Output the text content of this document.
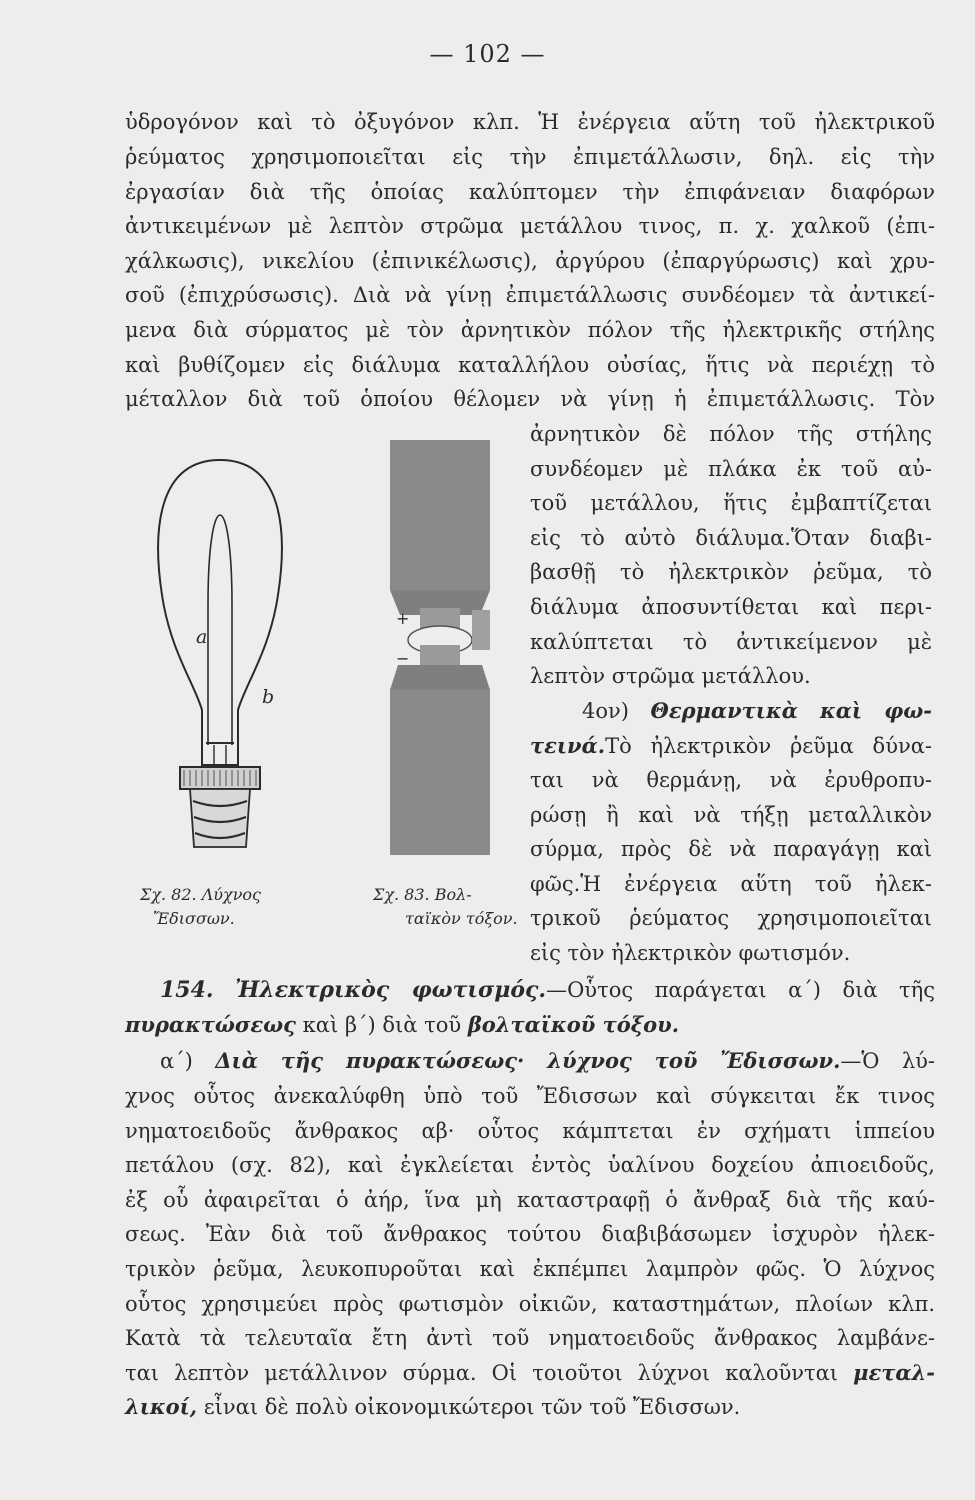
— 102 —
ὑδρογόνον καὶ τὸ ὀξυγόνον κλπ. Ἡ ἐνέργεια αὕτη τοῦ ἠλεκτρικοῦ
ῥεύματος χρησιμοποιεῖται εἰς τὴν ἐπιμετάλλωσιν, δηλ. εἰς τὴν
ἐργασίαν διὰ τῆς ὁποίας καλύπτομεν τὴν ἐπιφάνειαν διαφόρων
ἀντικειμένων μὲ λεπτὸν στρῶμα μετάλλου τινος, π. χ. χαλκοῦ (ἐπι-
χάλκωσις), νικελίου (ἐπινικέλωσις), ἀργύρου (ἐπαργύρωσις) καὶ χρυ-
σοῦ (ἐπιχρύσωσις). Διὰ νὰ γίνῃ ἐπιμετάλλωσις συνδέομεν τὰ ἀντικεί-
μενα διὰ σύρματος μὲ τὸν ἀρνητικὸν πόλον τῆς ἠλεκτρικῆς στήλης
καὶ βυθίζομεν εἰς διάλυμα καταλλήλου οὐσίας, ἥτις νὰ περιέχῃ τὸ
μέταλλον διὰ τοῦ ὁποίου θέλομεν νὰ γίνῃ ἡ ἐπιμετάλλωσις. Τὸν
ἀρνητικὸν δὲ πόλον τῆς στήλης
συνδέομεν μὲ πλάκα ἐκ τοῦ αὐ-
τοῦ μετάλλου, ἥτις ἐμβαπτίζεται
εἰς τὸ αὐτὸ διάλυμα.Ὅταν διαβι-
βασθῇ τὸ ἠλεκτρικὸν ῥεῦμα, τὸ
διάλυμα ἀποσυντίθεται καὶ περι-
καλύπτεται τὸ ἀντικείμενον μὲ
λεπτὸν στρῶμα μετάλλου.
4ον) Θερμαντικὰ καὶ φω-
τεινά.Τὸ ἠλεκτρικὸν ῥεῦμα δύνα-
ται νὰ θερμάνῃ, νὰ ἐρυθροπυ-
ρώσῃ ἢ καὶ νὰ τήξῃ μεταλλικὸν
σύρμα, πρὸς δὲ νὰ παραγάγῃ καὶ
φῶς.Ἡ ἐνέργεια αὕτη τοῦ ἠλεκ-
τρικοῦ ῥεύματος χρησιμοποιεῖται
εἰς τὸν ἠλεκτρικὸν φωτισμόν.
a
b
+
−
Σχ. 82. Λύχνος
Ἔδισσων.
Σχ. 83. Βολ-
ταϊκὸν τόξον.
154. Ἠλεκτρικὸς φωτισμός.—Οὗτος παράγεται α΄) διὰ τῆς
πυρακτώσεως καὶ β΄) διὰ τοῦ βολταϊκοῦ τόξου.
α΄) Διὰ τῆς πυρακτώσεως· λύχνος τοῦ Ἔδισσων.—Ὁ λύ-
χνος οὗτος ἀνεκαλύφθη ὑπὸ τοῦ Ἔδισσων καὶ σύγκειται ἔκ τινος
νηματοειδοῦς ἄνθρακος αβ· οὗτος κάμπτεται ἐν σχήματι ἱππείου
πετάλου (σχ. 82), καὶ ἐγκλείεται ἐντὸς ὑαλίνου δοχείου ἀπιοειδοῦς,
ἐξ οὗ ἀφαιρεῖται ὁ ἀήρ, ἵνα μὴ καταστραφῇ ὁ ἄνθραξ διὰ τῆς καύ-
σεως. Ἐὰν διὰ τοῦ ἄνθρακος τούτου διαβιβάσωμεν ἰσχυρὸν ἠλεκ-
τρικὸν ῥεῦμα, λευκοπυροῦται καὶ ἐκπέμπει λαμπρὸν φῶς. Ὁ λύχνος
οὗτος χρησιμεύει πρὸς φωτισμὸν οἰκιῶν, καταστημάτων, πλοίων κλπ.
Κατὰ τὰ τελευταῖα ἔτη ἀντὶ τοῦ νηματοειδοῦς ἄνθρακος λαμβάνε-
ται λεπτὸν μετάλλινον σύρμα. Οἱ τοιοῦτοι λύχνοι καλοῦνται μεταλ-
λικοί, εἶναι δὲ πολὺ οἰκονομικώτεροι τῶν τοῦ Ἔδισσων.
